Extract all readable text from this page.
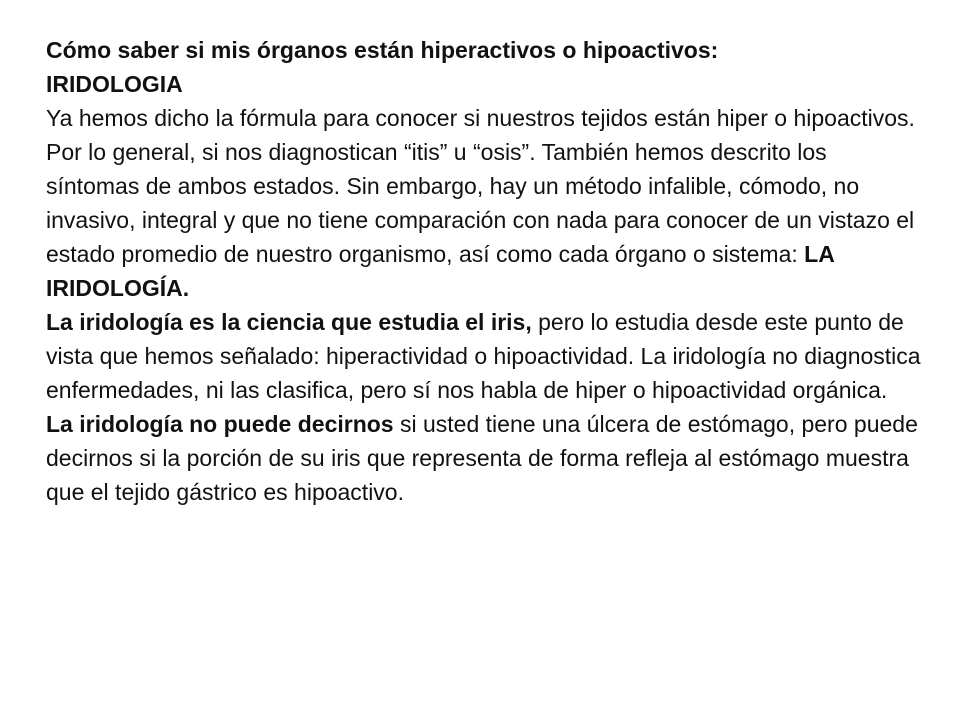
Cómo saber si mis órganos están hiperactivos o hipoactivos:
IRIDOLOGIA

Ya hemos dicho la fórmula para conocer si nuestros tejidos están hiper o hipoactivos. Por lo general, si nos diagnostican “itis” u “osis”. También hemos descrito los síntomas de ambos estados. Sin embargo, hay un método infalible, cómodo, no invasivo, integral y que no tiene comparación con nada para conocer de un vistazo el estado promedio de nuestro organismo, así como cada órgano o sistema: LA IRIDOLOGÍA.

La iridología es la ciencia que estudia el iris, pero lo estudia desde este punto de vista que hemos señalado: hiperactividad o hipoactividad. La iridología no diagnostica enfermedades, ni las clasifica, pero sí nos habla de hiper o hipoactividad orgánica.

La iridología no puede decirnos si usted tiene una úlcera de estómago, pero puede decirnos si la porción de su iris que representa de forma refleja al estómago muestra que el tejido gástrico es hipoactivo.
